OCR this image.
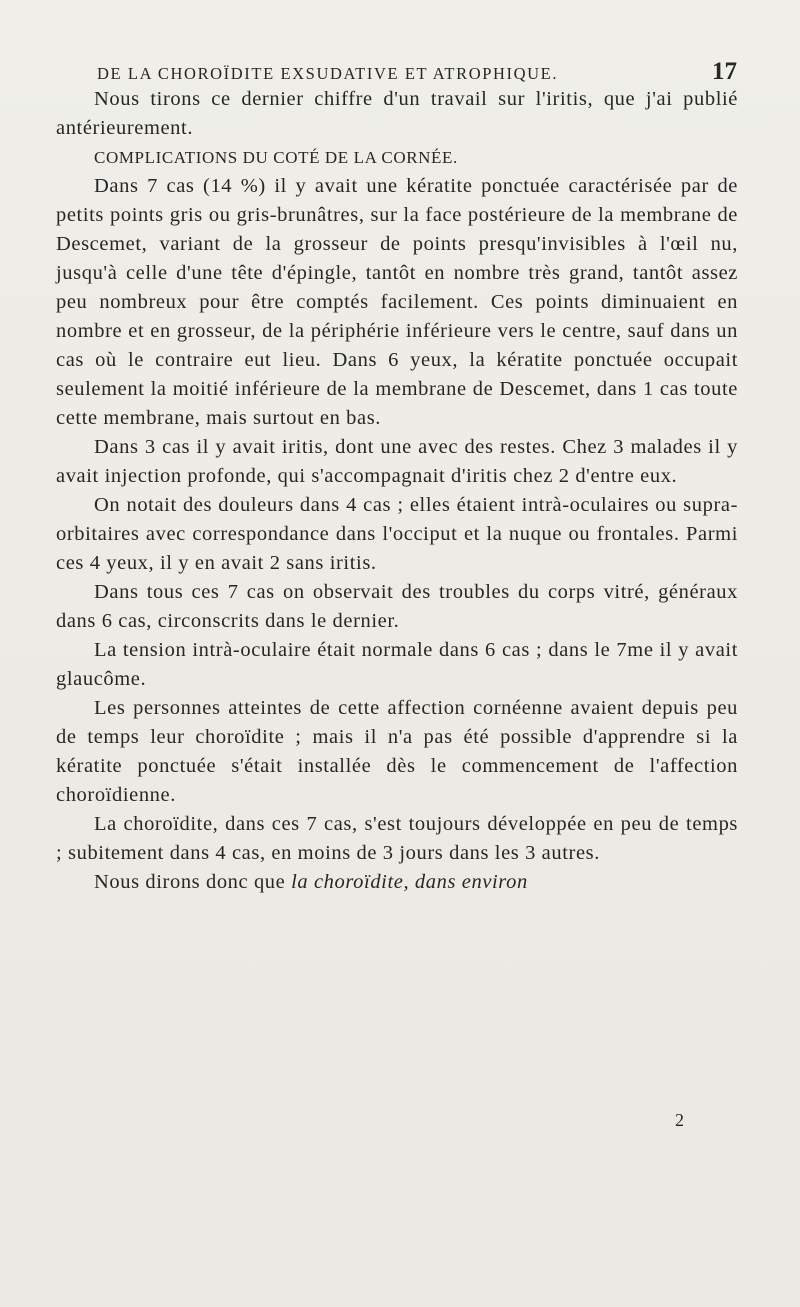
DE LA CHOROÏDITE EXSUDATIVE ET ATROPHIQUE.	17

Nous tirons ce dernier chiffre d'un travail sur l'iritis, que j'ai publié antérieurement.

COMPLICATIONS DU COTÉ DE LA CORNÉE.

Dans 7 cas (14 %) il y avait une kératite ponctuée caractérisée par de petits points gris ou gris-brunâtres, sur la face postérieure de la membrane de Descemet, variant de la grosseur de points presqu'invisibles à l'œil nu, jusqu'à celle d'une tête d'épingle, tantôt en nombre très grand, tantôt assez peu nombreux pour être comptés facilement. Ces points diminuaient en nombre et en grosseur, de la périphérie inférieure vers le centre, sauf dans un cas où le contraire eut lieu. Dans 6 yeux, la kératite ponctuée occupait seulement la moitié inférieure de la membrane de Descemet, dans 1 cas toute cette membrane, mais surtout en bas.

Dans 3 cas il y avait iritis, dont une avec des restes. Chez 3 malades il y avait injection profonde, qui s'accompagnait d'iritis chez 2 d'entre eux.

On notait des douleurs dans 4 cas ; elles étaient intrà-oculaires ou supra-orbitaires avec correspondance dans l'occiput et la nuque ou frontales. Parmi ces 4 yeux, il y en avait 2 sans iritis.

Dans tous ces 7 cas on observait des troubles du corps vitré, généraux dans 6 cas, circonscrits dans le dernier.

La tension intrà-oculaire était normale dans 6 cas ; dans le 7me il y avait glaucôme.

Les personnes atteintes de cette affection cornéenne avaient depuis peu de temps leur choroïdite ; mais il n'a pas été possible d'apprendre si la kératite ponctuée s'était installée dès le commencement de l'affection choroïdienne.

La choroïdite, dans ces 7 cas, s'est toujours développée en peu de temps ; subitement dans 4 cas, en moins de 3 jours dans les 3 autres.

Nous dirons donc que la choroïdite, dans environ

2
